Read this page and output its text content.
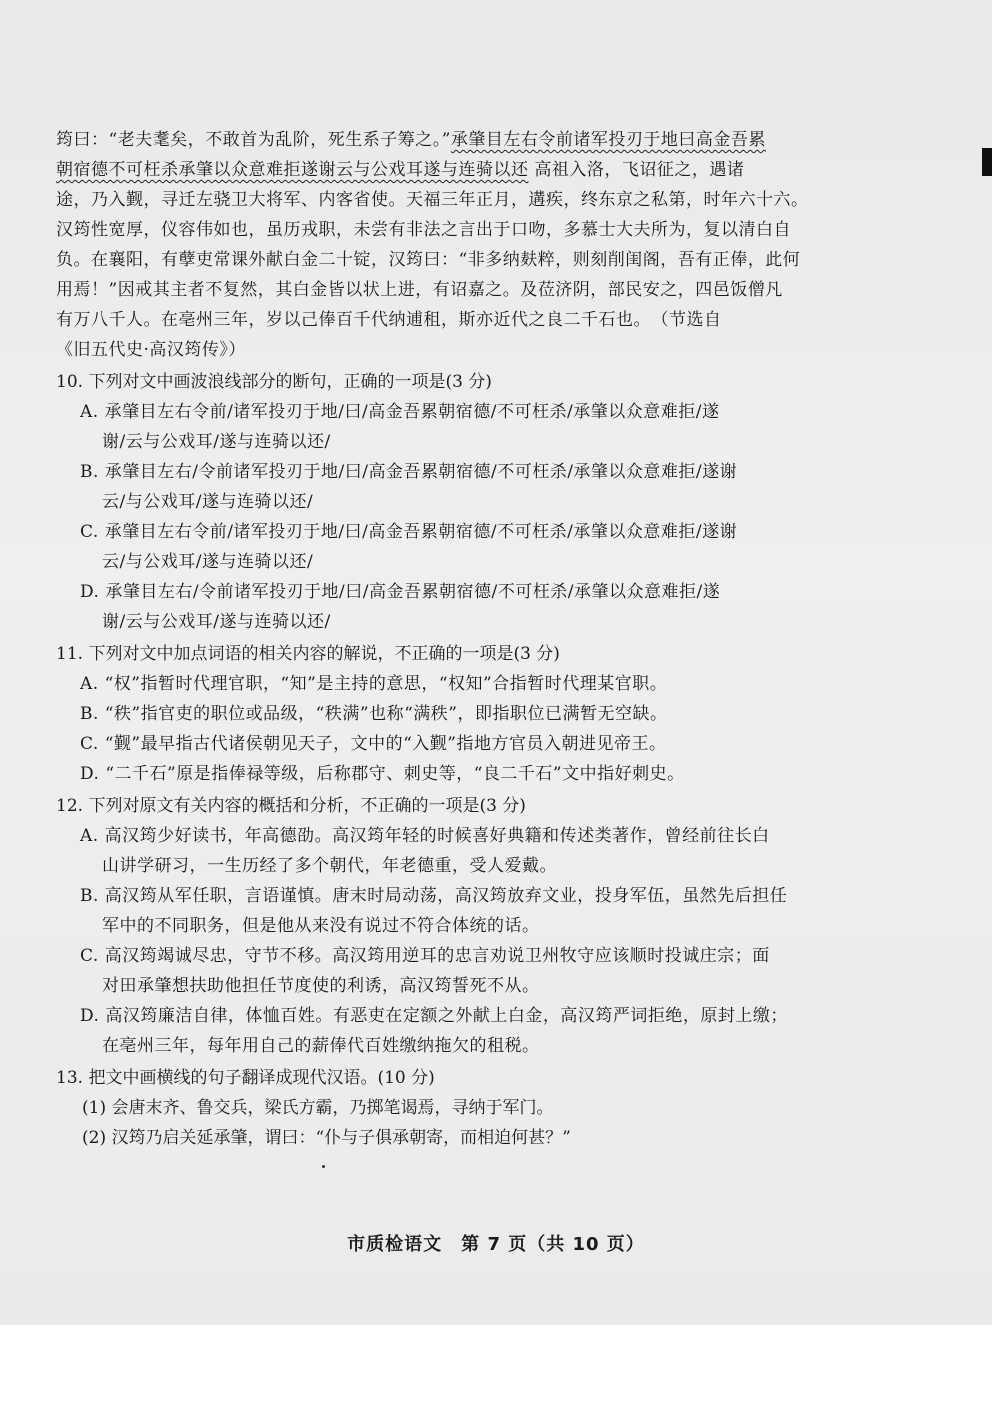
筠曰：“老夫耄矣，不敢首为乱阶，死生系子筹之。”承肇目左右令前诸军投刃于地曰高金吾累

朝宿德不可枉杀承肇以众意难拒遂谢云与公戏耳遂与连骑以还 高祖入洛，飞诏征之，遇诸

途，乃入觐，寻迁左骁卫大将军、内客省使。天福三年正月，遘疾，终东京之私第，时年六十六。

汉筠性宽厚，仪容伟如也，虽历戎职，未尝有非法之言出于口吻，多慕士大夫所为，复以清白自

负。在襄阳，有孽吏常课外献白金二十锭，汉筠曰：“非多纳麸粹，则刻削闺阁，吾有正俸，此何

用焉！”因戒其主者不复然，其白金皆以状上进，有诏嘉之。及莅济阴，部民安之，四邑饭僧凡

有万八千人。在亳州三年，岁以己俸百千代纳逋租，斯亦近代之良二千石也。　（节选自

《旧五代史·高汉筠传》）

10. 下列对文中画波浪线部分的断句，正确的一项是(3 分)

A. 承肇目左右令前/诸军投刃于地/曰/高金吾累朝宿德/不可枉杀/承肇以众意难拒/遂
谢/云与公戏耳/遂与连骑以还/

B. 承肇目左右/令前诸军投刃于地/曰/高金吾累朝宿德/不可枉杀/承肇以众意难拒/遂谢
云/与公戏耳/遂与连骑以还/

C. 承肇目左右令前/诸军投刃于地/曰/高金吾累朝宿德/不可枉杀/承肇以众意难拒/遂谢
云/与公戏耳/遂与连骑以还/

D. 承肇目左右/令前诸军投刃于地/曰/高金吾累朝宿德/不可枉杀/承肇以众意难拒/遂
谢/云与公戏耳/遂与连骑以还/

11. 下列对文中加点词语的相关内容的解说，不正确的一项是(3 分)

A. “权”指暂时代理官职，“知”是主持的意思，“权知”合指暂时代理某官职。

B. “秩”指官吏的职位或品级，“秩满”也称“满秩”，即指职位已满暂无空缺。

C. “觐”最早指古代诸侯朝见天子，文中的“入觐”指地方官员入朝进见帝王。

D. “二千石”原是指俸禄等级，后称郡守、刺史等，“良二千石”文中指好刺史。

12. 下列对原文有关内容的概括和分析，不正确的一项是(3 分)

A. 高汉筠少好读书，年高德劭。高汉筠年轻的时候喜好典籍和传述类著作，曾经前往长白
山讲学研习，一生历经了多个朝代，年老德重，受人爱戴。

B. 高汉筠从军任职，言语谨慎。唐末时局动荡，高汉筠放弃文业，投身军伍，虽然先后担任
军中的不同职务，但是他从来没有说过不符合体统的话。

C. 高汉筠竭诚尽忠，守节不移。高汉筠用逆耳的忠言劝说卫州牧守应该顺时投诚庄宗；面
对田承肇想扶助他担任节度使的利诱，高汉筠誓死不从。

D. 高汉筠廉洁自律，体恤百姓。有恶吏在定额之外献上白金，高汉筠严词拒绝，原封上缴；
在亳州三年，每年用自己的薪俸代百姓缴纳拖欠的租税。

13. 把文中画横线的句子翻译成现代汉语。(10 分)

(1) 会唐末齐、鲁交兵，梁氏方霸，乃掷笔谒焉，寻纳于军门。

(2) 汉筠乃启关延承肇，谓曰：“仆与子俱承朝寄，而相迫何甚？”

市质检语文　第 7 页（共 10 页）
